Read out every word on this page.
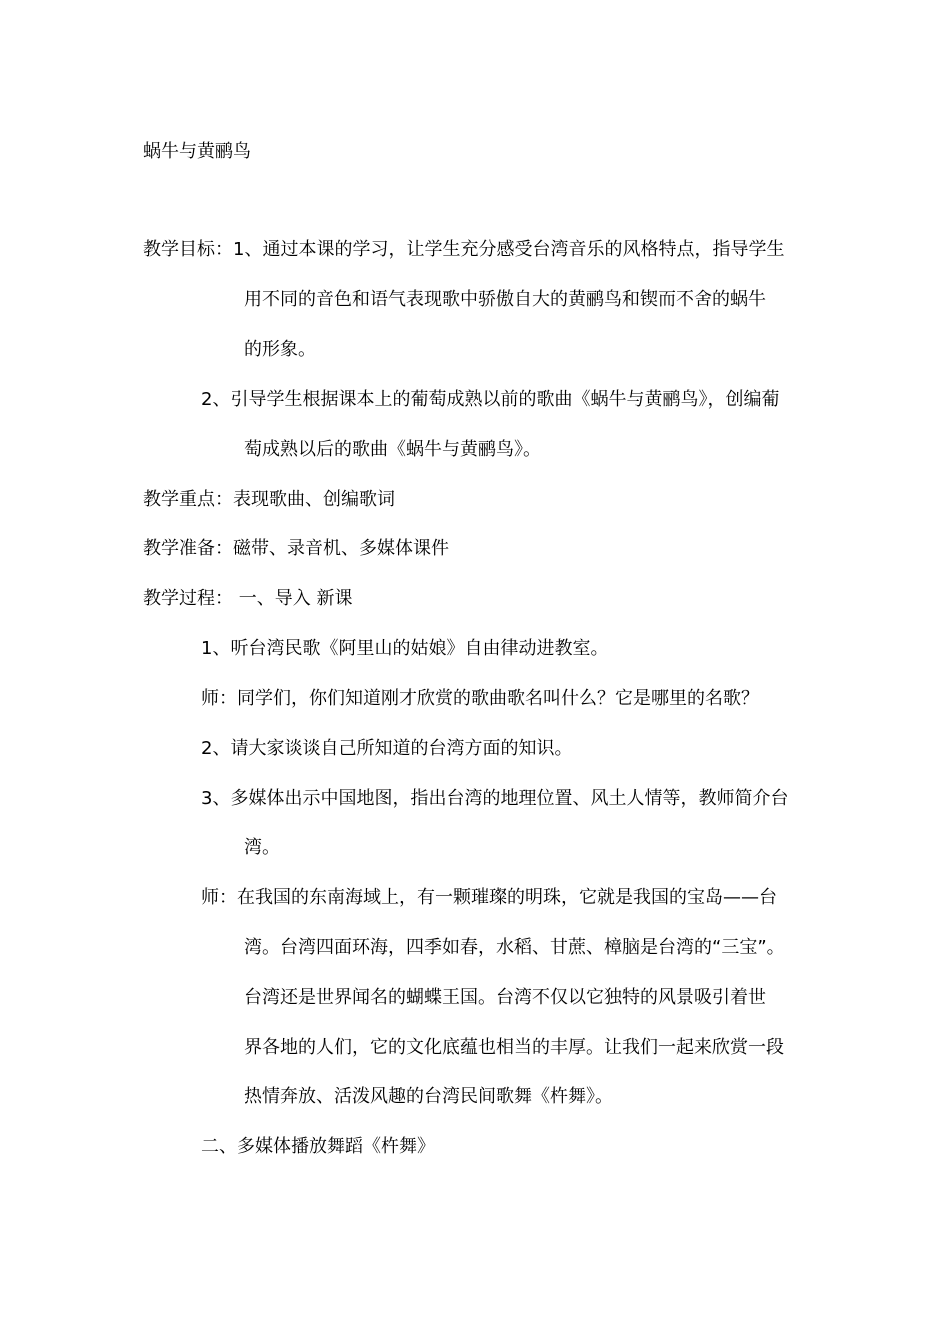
蜗牛与黄鹂鸟
教学目标：1、通过本课的学习，让学生充分感受台湾音乐的风格特点，指导学生
用不同的音色和语气表现歌中骄傲自大的黄鹂鸟和锲而不舍的蜗牛
的形象。
2、引导学生根据课本上的葡萄成熟以前的歌曲《蜗牛与黄鹂鸟》，创编葡
萄成熟以后的歌曲《蜗牛与黄鹂鸟》。
教学重点：表现歌曲、创编歌词
教学准备：磁带、录音机、多媒体课件
教学过程： 一、导入 新课
1、听台湾民歌《阿里山的姑娘》自由律动进教室。
师：同学们，你们知道刚才欣赏的歌曲歌名叫什么？它是哪里的名歌？
2、请大家谈谈自己所知道的台湾方面的知识。
3、多媒体出示中国地图，指出台湾的地理位置、风土人情等，教师简介台
湾。
师：在我国的东南海域上，有一颗璀璨的明珠，它就是我国的宝岛——台
湾。台湾四面环海，四季如春，水稻、甘蔗、樟脑是台湾的“三宝”。
台湾还是世界闻名的蝴蝶王国。台湾不仅以它独特的风景吸引着世
界各地的人们，它的文化底蕴也相当的丰厚。让我们一起来欣赏一段
热情奔放、活泼风趣的台湾民间歌舞《杵舞》。
二、多媒体播放舞蹈《杵舞》
